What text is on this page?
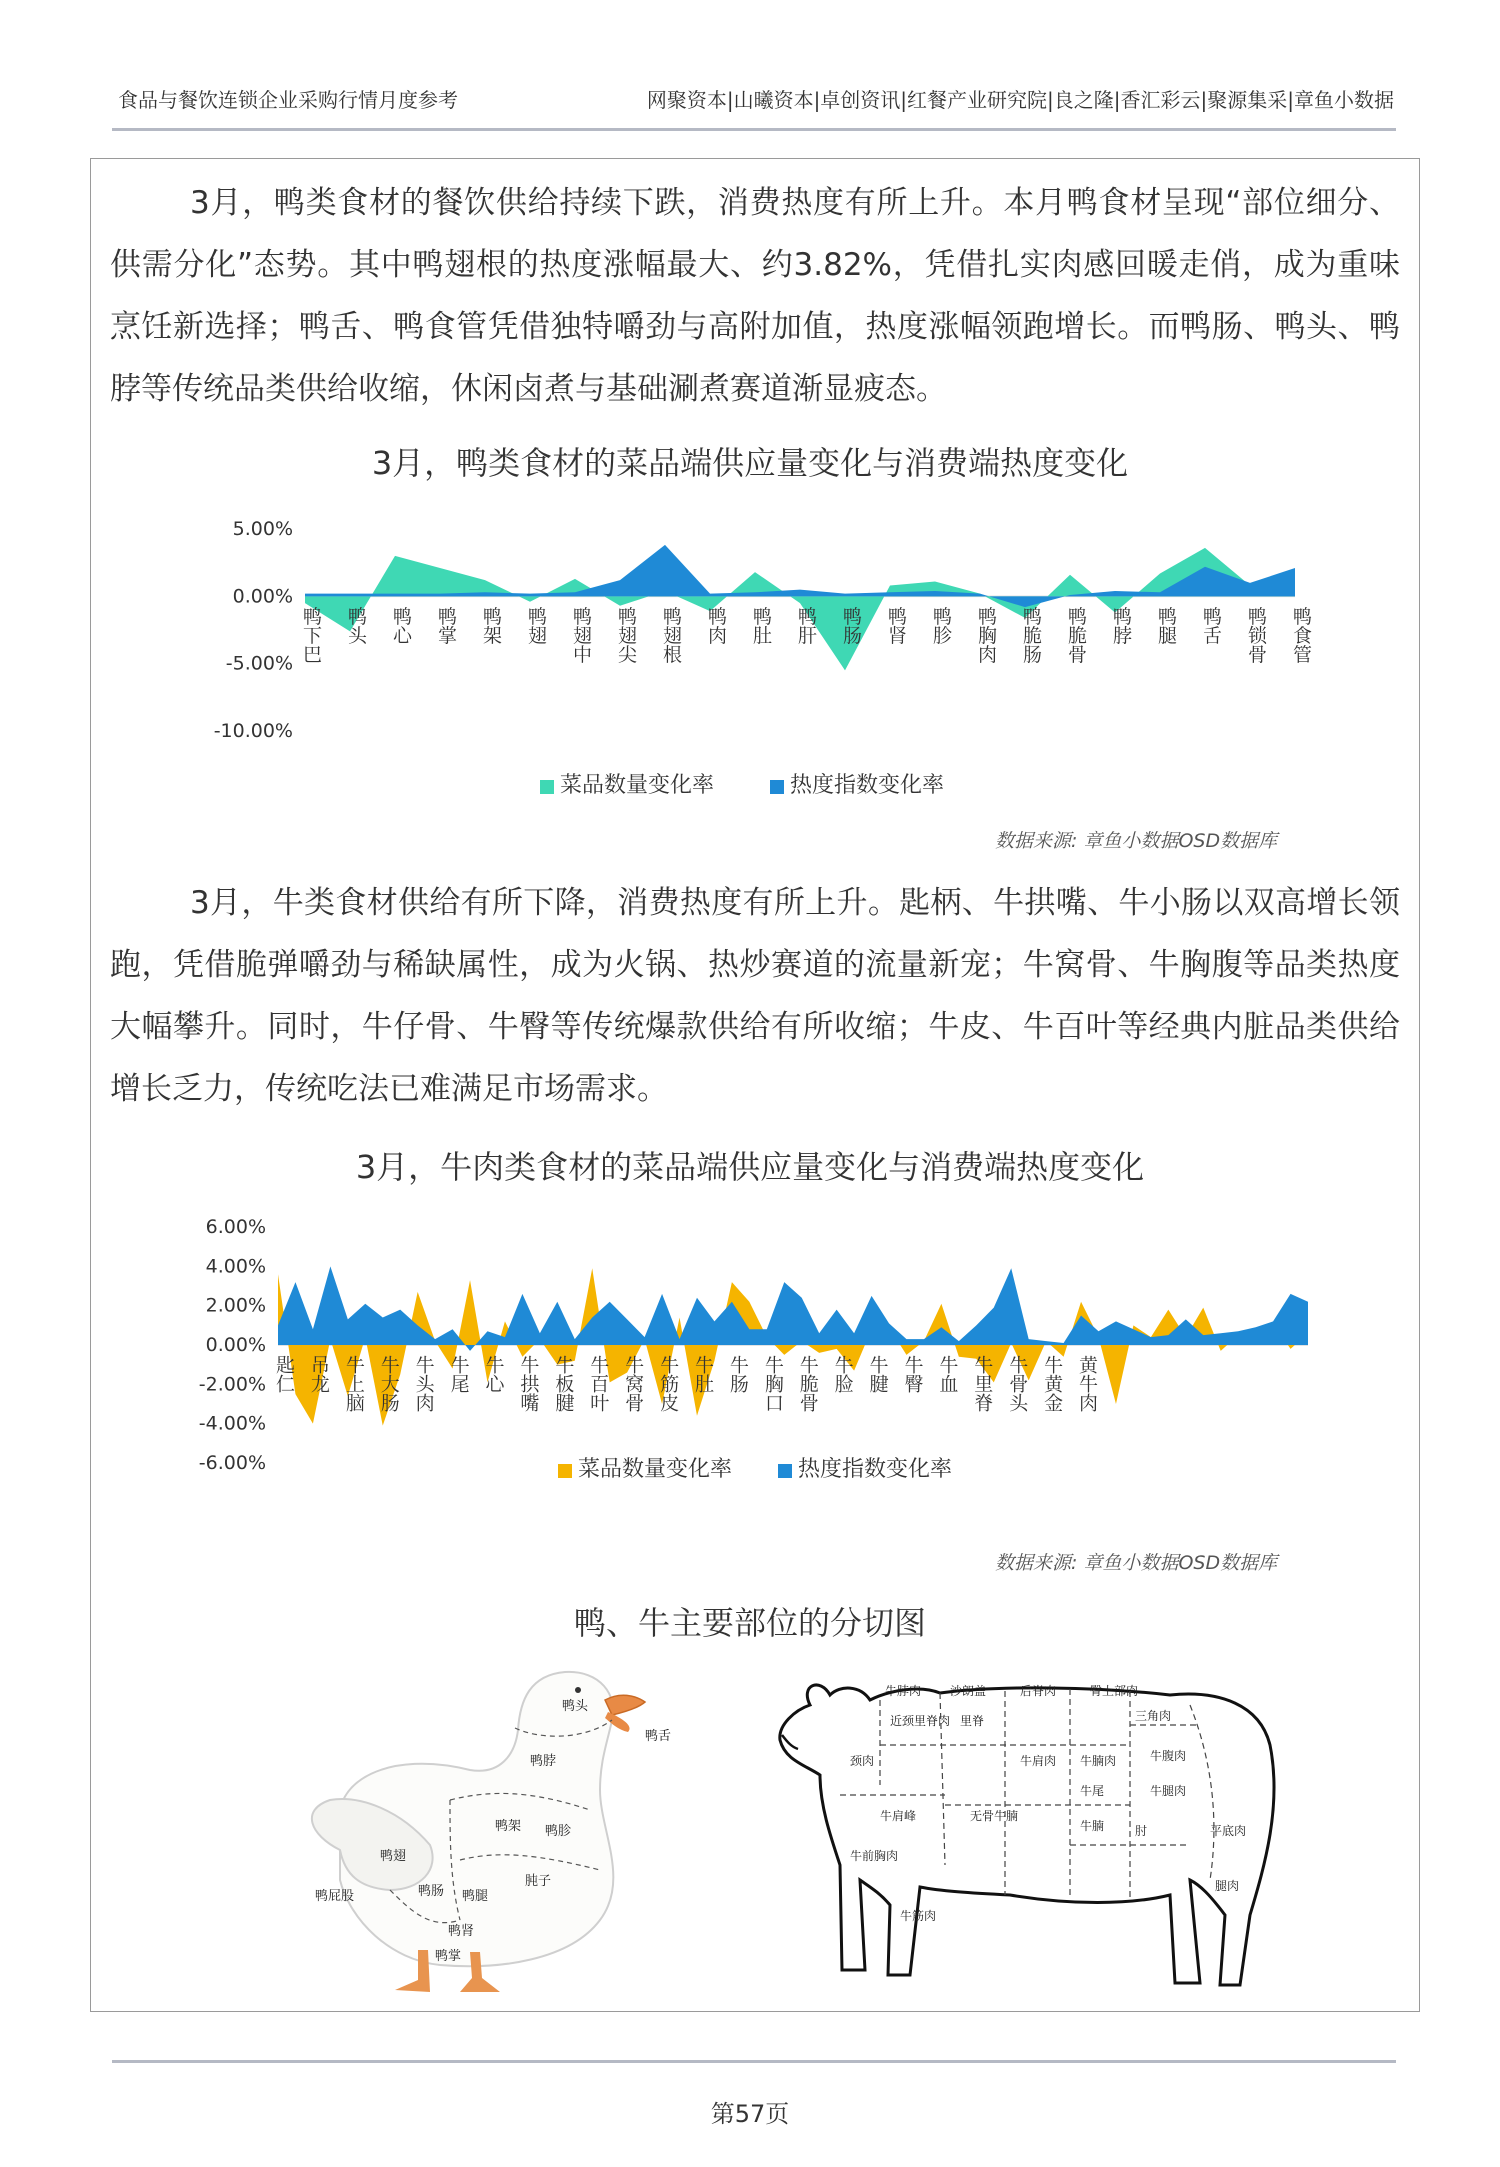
食品与餐饮连锁企业采购行情月度参考	网聚资本|山曦资本|卓创资讯|红餐产业研究院|良之隆|香汇彩云|聚源集采|章鱼小数据

3月，鸭类食材的餐饮供给持续下跌，消费热度有所上升。本月鸭食材呈现“部位细分、供需分化”态势。其中鸭翅根的热度涨幅最大、约3.82%，凭借扎实肉感回暖走俏，成为重味烹饪新选择；鸭舌、鸭食管凭借独特嚼劲与高附加值，热度涨幅领跑增长。而鸭肠、鸭头、鸭脖等传统品类供给收缩，休闲卤煮与基础涮煮赛道渐显疲态。

3月，鸭类食材的菜品端供应量变化与消费端热度变化
5.00%
0.00%
-5.00%
-10.00%
鸭下巴 鸭头 鸭心 鸭掌 鸭架 鸭翅 鸭翅中 鸭翅尖 鸭翅根 鸭肉 鸭肚 鸭肝 鸭肠 鸭肾 鸭胗 鸭胸肉 鸭脆肠 鸭脆骨 鸭脖 鸭腿 鸭舌 鸭锁骨 鸭食管
菜品数量变化率	热度指数变化率
数据来源: 章鱼小数据OSD数据库

3月，牛类食材供给有所下降，消费热度有所上升。匙柄、牛拱嘴、牛小肠以双高增长领跑，凭借脆弹嚼劲与稀缺属性，成为火锅、热炒赛道的流量新宠；牛窝骨、牛胸腹等品类热度大幅攀升。同时，牛仔骨、牛臀等传统爆款供给有所收缩；牛皮、牛百叶等经典内脏品类供给增长乏力，传统吃法已难满足市场需求。

3月，牛肉类食材的菜品端供应量变化与消费端热度变化
6.00%
4.00%
2.00%
0.00%
-2.00%
-4.00%
-6.00%
匙仁 吊龙 牛上脑 牛大肠 牛头肉 牛尾 牛心 牛拱嘴 牛板腱 牛百叶 牛窝骨 牛筋皮 牛肚 牛肠 牛胸口 牛脆骨 牛脸 牛腱 牛臀 牛血 牛里脊 牛骨头 牛黄金 黄牛肉
菜品数量变化率	热度指数变化率
数据来源: 章鱼小数据OSD数据库
鸭、牛主要部位的分切图
鸭头
鸭舌
鸭脖
鸭架
鸭翅
鸭胗
肫子
鸭肠 鸭腿
鸭屁股
鸭肾
鸭掌
牛脖肉 沙朗盖	后脊肉	臀上部肉
近颈里脊肉 里脊	三角肉
颈肉	牛肩肉 牛腩肉	牛腹肉
牛肩峰	无骨牛腩
牛尾
牛前胸肉
牛腿肉
牛腩	肘	平底肉
腿肉
牛筋肉
第57页
